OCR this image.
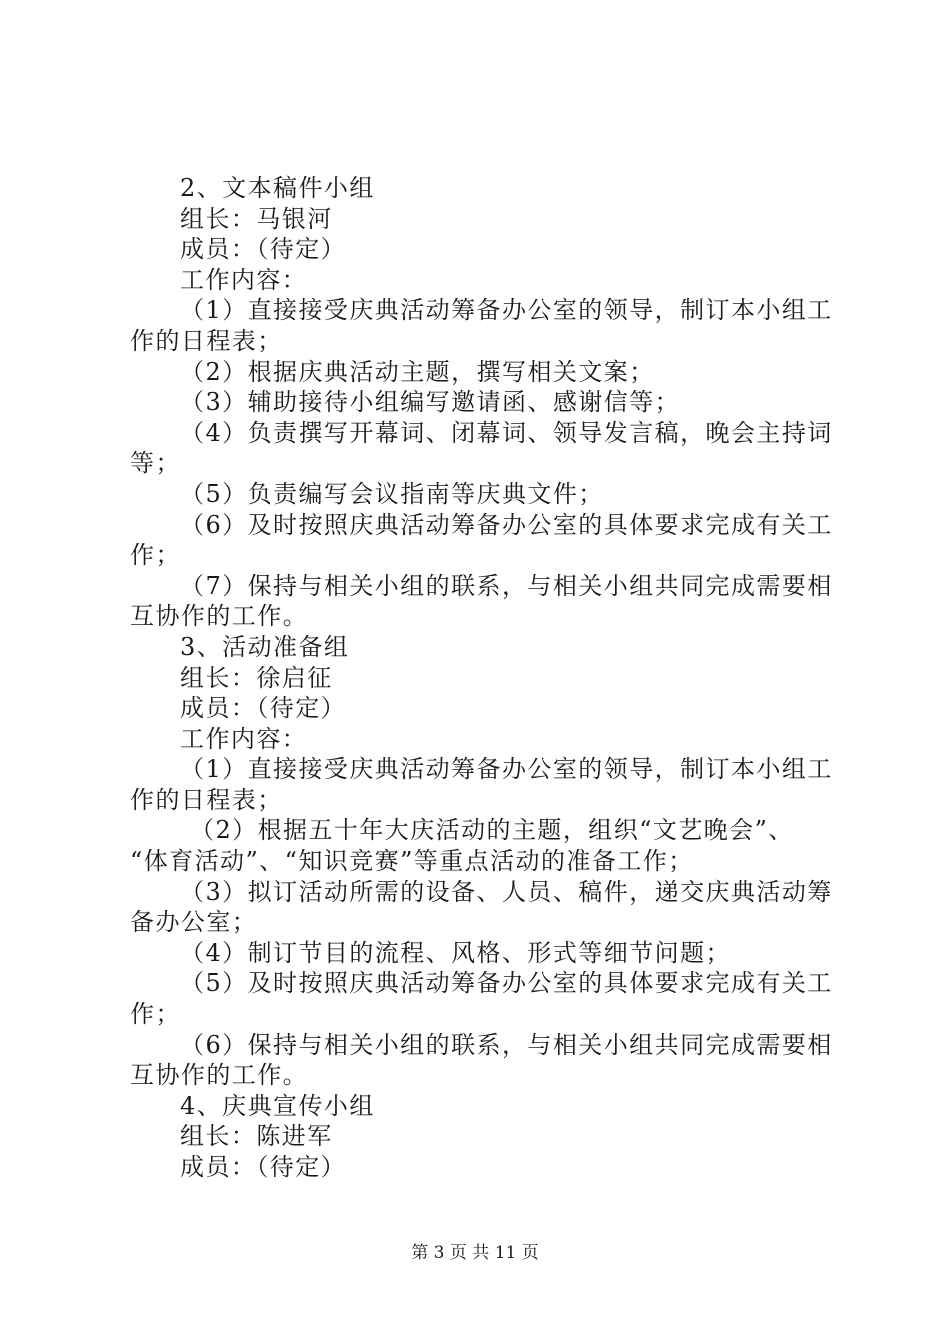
2、文本稿件小组
组长：马银河
成员：（待定）
工作内容：
（1）直接接受庆典活动筹备办公室的领导，制订本小组工
作的日程表；
（2）根据庆典活动主题，撰写相关文案；
（3）辅助接待小组编写邀请函、感谢信等；
（4）负责撰写开幕词、闭幕词、领导发言稿，晚会主持词
等；
（5）负责编写会议指南等庆典文件；
（6）及时按照庆典活动筹备办公室的具体要求完成有关工
作；
（7）保持与相关小组的联系，与相关小组共同完成需要相
互协作的工作。
3、活动准备组
组长：徐启征
成员：（待定）
工作内容：
（1）直接接受庆典活动筹备办公室的领导，制订本小组工
作的日程表；
（2）根据五十年大庆活动的主题，组织“文艺晚会”、
“体育活动”、“知识竞赛”等重点活动的准备工作；
（3）拟订活动所需的设备、人员、稿件，递交庆典活动筹
备办公室；
（4）制订节目的流程、风格、形式等细节问题；
（5）及时按照庆典活动筹备办公室的具体要求完成有关工
作；
（6）保持与相关小组的联系，与相关小组共同完成需要相
互协作的工作。
4、庆典宣传小组
组长：陈进军
成员：（待定）
第 3 页 共 11 页
